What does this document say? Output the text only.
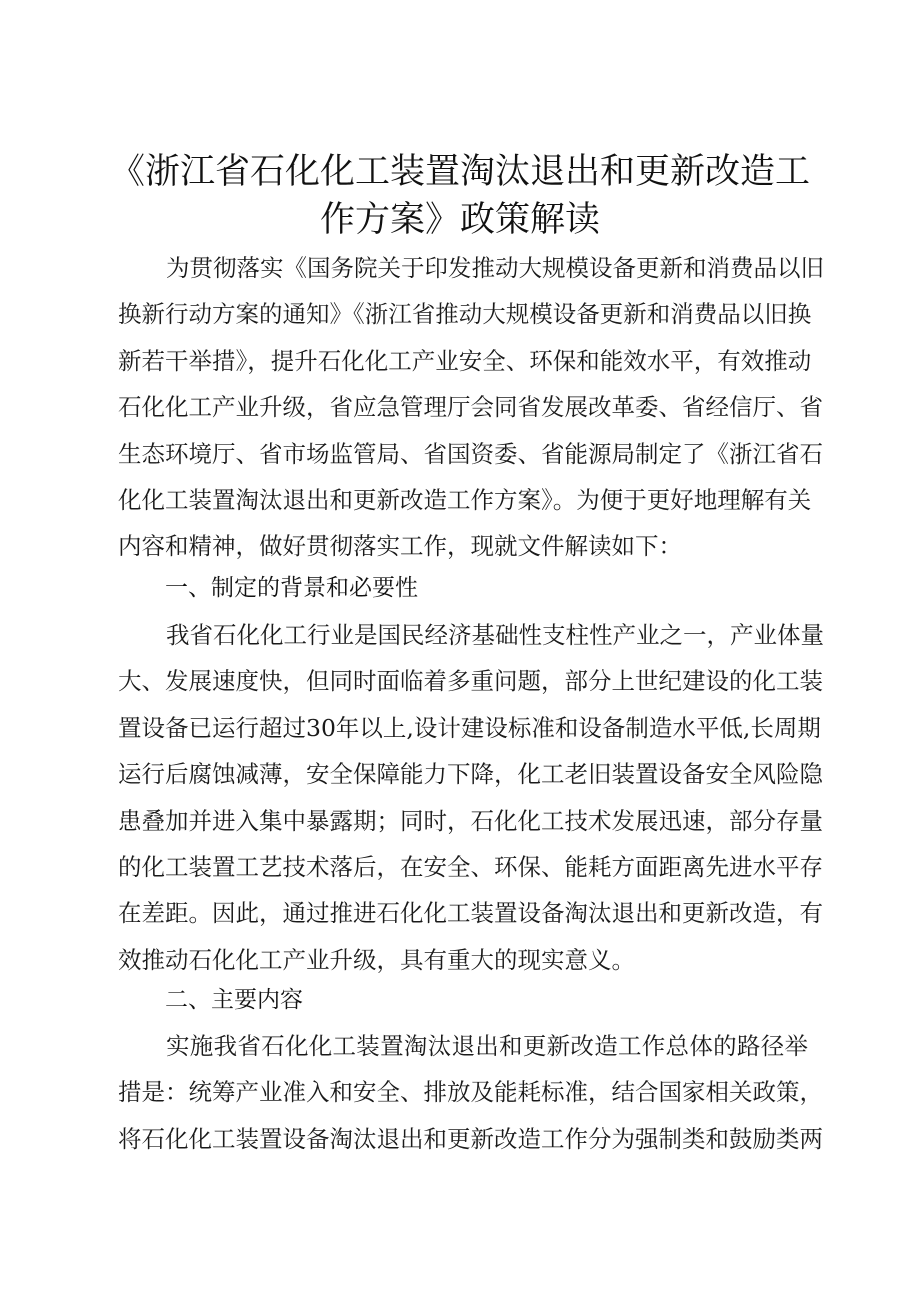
《浙江省石化化工装置淘汰退出和更新改造工
作方案》政策解读
为贯彻落实《国务院关于印发推动大规模设备更新和消费品以旧
换新行动方案的通知》《浙江省推动大规模设备更新和消费品以旧换
新若干举措》，提升石化化工产业安全、环保和能效水平，有效推动
石化化工产业升级，省应急管理厅会同省发展改革委、省经信厅、省
生态环境厅、省市场监管局、省国资委、省能源局制定了《浙江省石
化化工装置淘汰退出和更新改造工作方案》。为便于更好地理解有关
内容和精神，做好贯彻落实工作，现就文件解读如下：
一、制定的背景和必要性
我省石化化工行业是国民经济基础性支柱性产业之一，产业体量
大、发展速度快，但同时面临着多重问题，部分上世纪建设的化工装
置设备已运行超过30年以上,设计建设标准和设备制造水平低,长周期
运行后腐蚀减薄，安全保障能力下降，化工老旧装置设备安全风险隐
患叠加并进入集中暴露期；同时，石化化工技术发展迅速，部分存量
的化工装置工艺技术落后，在安全、环保、能耗方面距离先进水平存
在差距。因此，通过推进石化化工装置设备淘汰退出和更新改造，有
效推动石化化工产业升级，具有重大的现实意义。
二、主要内容
实施我省石化化工装置淘汰退出和更新改造工作总体的路径举
措是：统筹产业准入和安全、排放及能耗标准，结合国家相关政策，
将石化化工装置设备淘汰退出和更新改造工作分为强制类和鼓励类两
